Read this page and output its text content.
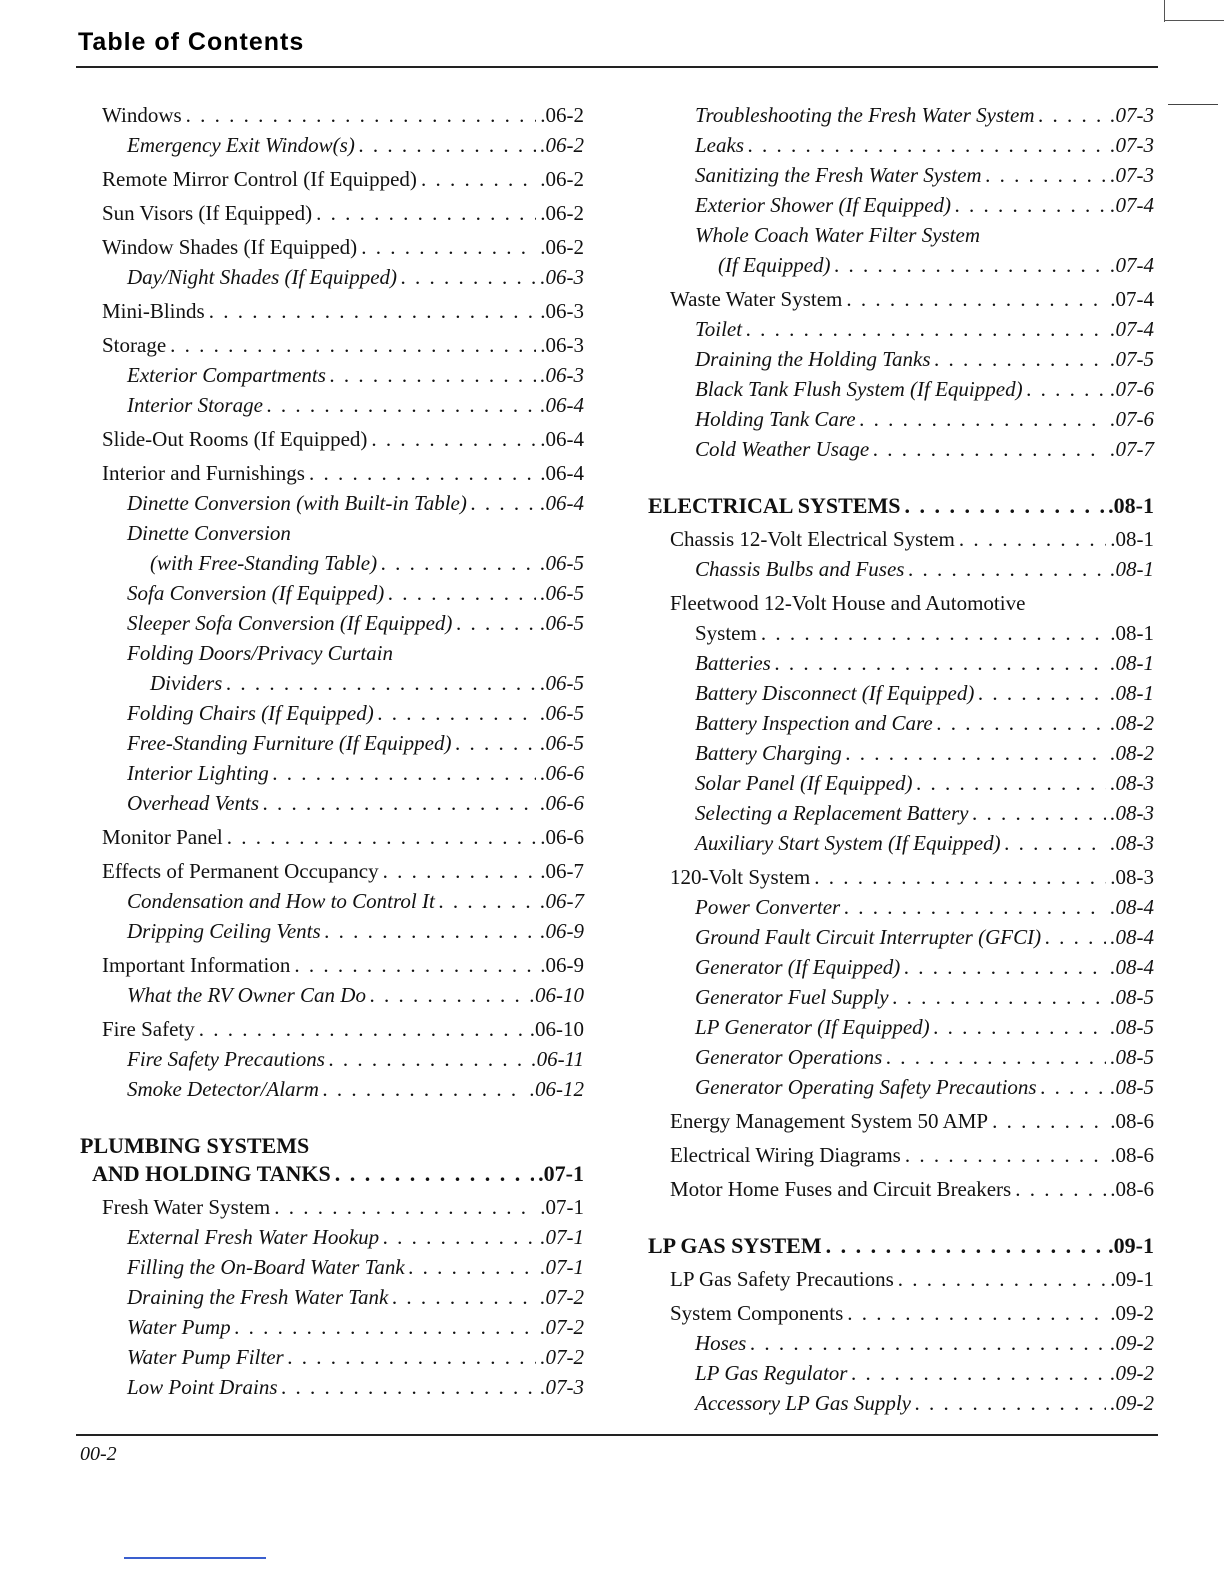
Table of Contents
Windows . . .	.06-2
Emergency Exit Window(s) . . .	.06-2
Remote Mirror Control (If Equipped) . . .	.06-2
Sun Visors (If Equipped) . . .	.06-2
Window Shades (If Equipped) . . .	.06-2
Day/Night Shades (If Equipped) . . .	.06-3
Mini-Blinds . . .	.06-3
Storage . . .	.06-3
Exterior Compartments . . .	.06-3
Interior Storage . . .	.06-4
Slide-Out Rooms (If Equipped) . . .	.06-4
Interior and Furnishings . . .	.06-4
Dinette Conversion (with Built-in Table) . . .	.06-4
Dinette Conversion
(with Free-Standing Table) . . .	.06-5
Sofa Conversion (If Equipped) . . .	.06-5
Sleeper Sofa Conversion (If Equipped) . . .	.06-5
Folding Doors/Privacy Curtain
Dividers . . .	.06-5
Folding Chairs (If Equipped) . . .	.06-5
Free-Standing Furniture (If Equipped) . . .	.06-5
Interior Lighting . . .	.06-6
Overhead Vents . . .	.06-6
Monitor Panel . . .	.06-6
Effects of Permanent Occupancy . . .	.06-7
Condensation and How to Control It . . .	.06-7
Dripping Ceiling Vents . . .	.06-9
Important Information . . .	.06-9
What the RV Owner Can Do . . .	.06-10
Fire Safety . . .	.06-10
Fire Safety Precautions . . .	.06-11
Smoke Detector/Alarm . . .	.06-12
PLUMBING SYSTEMS
AND HOLDING TANKS . . .	.07-1
Fresh Water System . . .	.07-1
External Fresh Water Hookup . . .	.07-1
Filling the On-Board Water Tank . . .	.07-1
Draining the Fresh Water Tank . . .	.07-2
Water Pump . . .	.07-2
Water Pump Filter . . .	.07-2
Low Point Drains . . .	.07-3
Troubleshooting the Fresh Water System . . .	.07-3
Leaks . . .	.07-3
Sanitizing the Fresh Water System . . .	.07-3
Exterior Shower (If Equipped) . . .	.07-4
Whole Coach Water Filter System
(If Equipped) . . .	.07-4
Waste Water System . . .	.07-4
Toilet . . .	.07-4
Draining the Holding Tanks . . .	.07-5
Black Tank Flush System (If Equipped) . . .	.07-6
Holding Tank Care . . .	.07-6
Cold Weather Usage . . .	.07-7
ELECTRICAL SYSTEMS . . .	.08-1
Chassis 12-Volt Electrical System . . .	.08-1
Chassis Bulbs and Fuses . . .	.08-1
Fleetwood 12-Volt House and Automotive
System . . .	.08-1
Batteries . . .	.08-1
Battery Disconnect (If Equipped) . . .	.08-1
Battery Inspection and Care . . .	.08-2
Battery Charging . . .	.08-2
Solar Panel (If Equipped) . . .	.08-3
Selecting a Replacement Battery . . .	.08-3
Auxiliary Start System (If Equipped) . . .	.08-3
120-Volt System . . .	.08-3
Power Converter . . .	.08-4
Ground Fault Circuit Interrupter (GFCI) . . .	.08-4
Generator (If Equipped) . . .	.08-4
Generator Fuel Supply . . .	.08-5
LP Generator (If Equipped) . . .	.08-5
Generator Operations . . .	.08-5
Generator Operating Safety Precautions . . .	.08-5
Energy Management System 50 AMP . . .	.08-6
Electrical Wiring Diagrams . . .	.08-6
Motor Home Fuses and Circuit Breakers . . .	.08-6
LP GAS SYSTEM . . .	.09-1
LP Gas Safety Precautions . . .	.09-1
System Components . . .	.09-2
Hoses . . .	.09-2
LP Gas Regulator . . .	.09-2
Accessory LP Gas Supply . . .	.09-2
00-2
